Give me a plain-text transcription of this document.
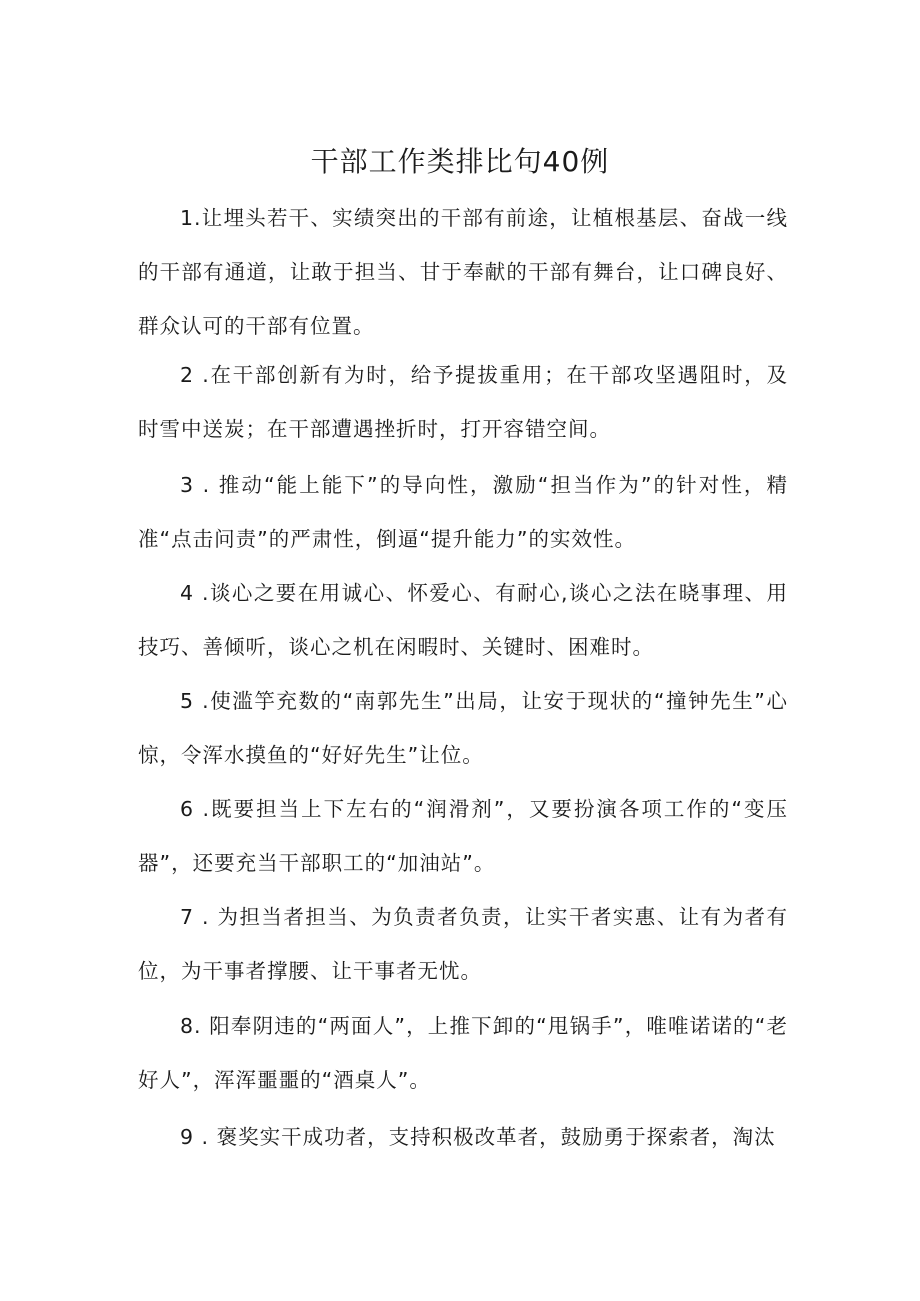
干部工作类排比句40例

1.让埋头若干、实绩突出的干部有前途，让植根基层、奋战一线的干部有通道，让敢于担当、甘于奉献的干部有舞台，让口碑良好、群众认可的干部有位置。

2 .在干部创新有为时，给予提拔重用；在干部攻坚遇阻时，及时雪中送炭；在干部遭遇挫折时，打开容错空间。

3 . 推动“能上能下”的导向性，激励“担当作为”的针对性，精准“点击问责”的严肃性，倒逼“提升能力”的实效性。

4 .谈心之要在用诚心、怀爱心、有耐心,谈心之法在晓事理、用技巧、善倾听，谈心之机在闲暇时、关键时、困难时。

5 .使滥竽充数的“南郭先生”出局，让安于现状的“撞钟先生”心惊，令浑水摸鱼的“好好先生”让位。

6 .既要担当上下左右的“润滑剂”，又要扮演各项工作的“变压器”，还要充当干部职工的“加油站”。

7 . 为担当者担当、为负责者负责，让实干者实惠、让有为者有位，为干事者撑腰、让干事者无忧。

8. 阳奉阴违的“两面人”，上推下卸的“甩锅手”，唯唯诺诺的“老好人”，浑浑噩噩的“酒桌人”。

9 . 褒奖实干成功者，支持积极改革者，鼓励勇于探索者，淘汰
